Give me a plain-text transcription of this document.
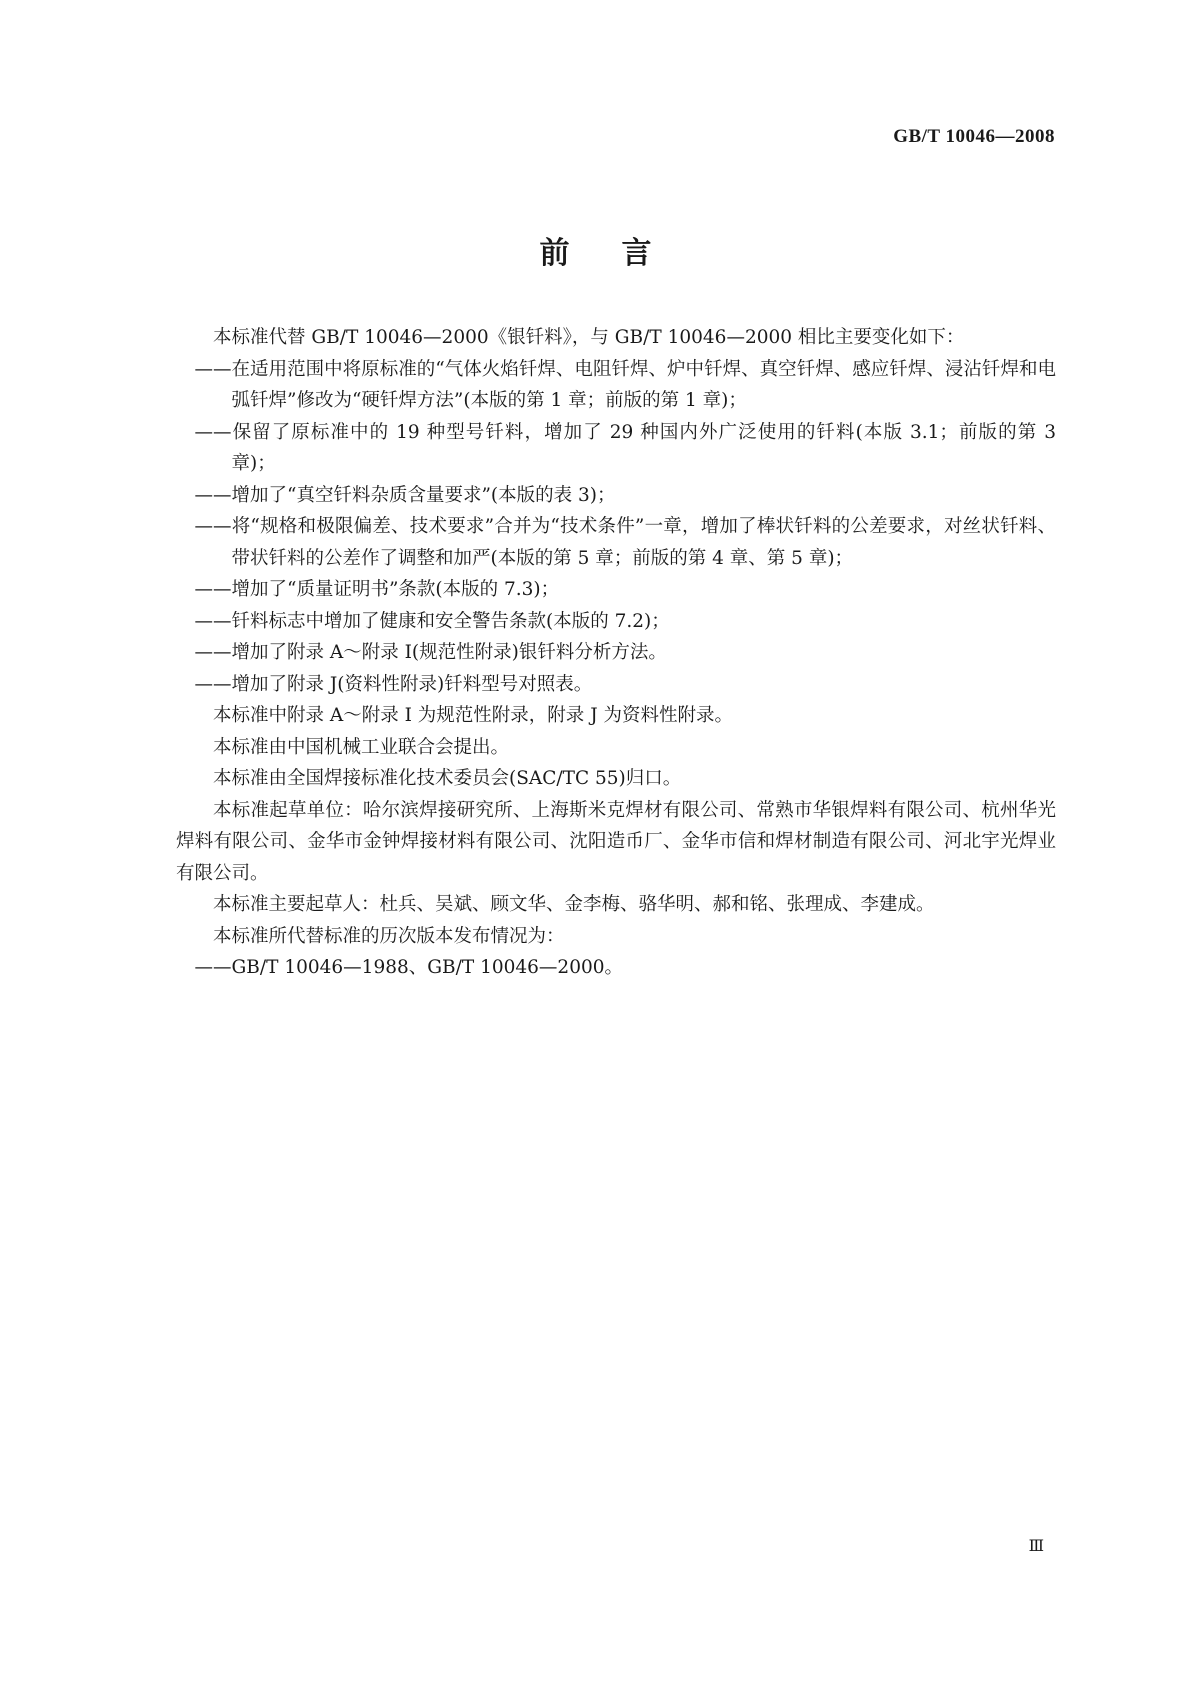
GB/T 10046—2008
前言

本标准代替 GB/T 10046—2000《银钎料》，与 GB/T 10046—2000 相比主要变化如下：

——在适用范围中将原标准的“气体火焰钎焊、电阻钎焊、炉中钎焊、真空钎焊、感应钎焊、浸沾钎焊和电弧钎焊”修改为“硬钎焊方法”(本版的第 1 章；前版的第 1 章)；

——保留了原标准中的 19 种型号钎料，增加了 29 种国内外广泛使用的钎料(本版 3.1；前版的第 3 章)；

——增加了“真空钎料杂质含量要求”(本版的表 3)；

——将“规格和极限偏差、技术要求”合并为“技术条件”一章，增加了棒状钎料的公差要求，对丝状钎料、带状钎料的公差作了调整和加严(本版的第 5 章；前版的第 4 章、第 5 章)；

——增加了“质量证明书”条款(本版的 7.3)；

——钎料标志中增加了健康和安全警告条款(本版的 7.2)；

——增加了附录 A～附录 I(规范性附录)银钎料分析方法。

——增加了附录 J(资料性附录)钎料型号对照表。

本标准中附录 A～附录 I 为规范性附录，附录 J 为资料性附录。

本标准由中国机械工业联合会提出。

本标准由全国焊接标准化技术委员会(SAC/TC 55)归口。

本标准起草单位：哈尔滨焊接研究所、上海斯米克焊材有限公司、常熟市华银焊料有限公司、杭州华光焊料有限公司、金华市金钟焊接材料有限公司、沈阳造币厂、金华市信和焊材制造有限公司、河北宇光焊业有限公司。

本标准主要起草人：杜兵、吴斌、顾文华、金李梅、骆华明、郝和铭、张理成、李建成。

本标准所代替标准的历次版本发布情况为：

——GB/T 10046—1988、GB/T 10046—2000。

Ⅲ
